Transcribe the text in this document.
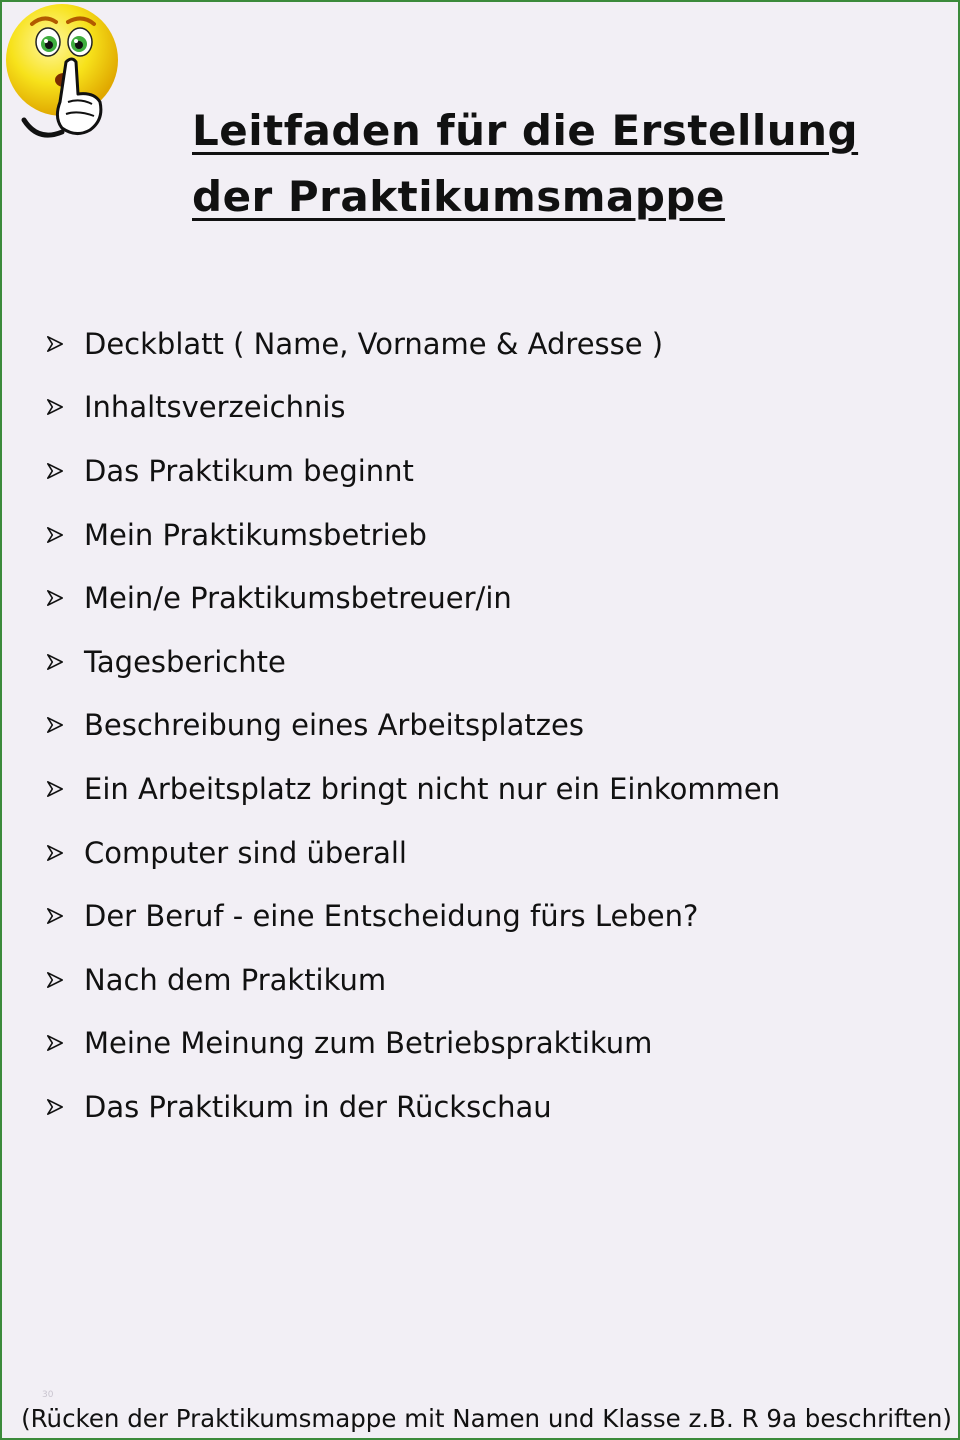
Leitfaden für die Erstellung
der Praktikumsmappe
Deckblatt ( Name, Vorname & Adresse )
Inhaltsverzeichnis
Das Praktikum beginnt
Mein Praktikumsbetrieb
Mein/e Praktikumsbetreuer/in
Tagesberichte
Beschreibung eines Arbeitsplatzes
Ein Arbeitsplatz bringt nicht nur ein Einkommen
Computer sind überall
Der Beruf - eine Entscheidung fürs Leben?
Nach dem Praktikum
Meine Meinung zum Betriebspraktikum
Das Praktikum in der Rückschau
30
(Rücken der Praktikumsmappe mit Namen und Klasse z.B. R 9a beschriften)
